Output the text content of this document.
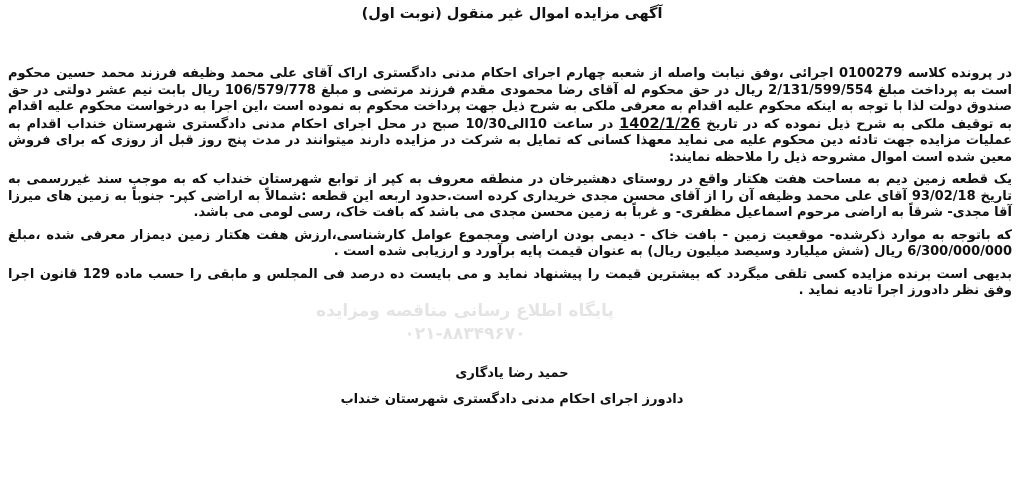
آگهی مزایده اموال غیر منقول (نوبت اول)

در پرونده کلاسه 0100279 اجرائی ،وفق نیابت واصله از شعبه چهارم اجرای احکام مدنی دادگستری اراک آقای علی محمد وظیفه فرزند محمد حسین محکوم است به پرداخت مبلغ 2/131/599/554 ریال در حق محکوم له آقای رضا محمودی مقدم فرزند مرتضی و مبلغ 106/579/778 ریال بابت نیم عشر دولتی در حق صندوق دولت لذا با توجه به اینکه محکوم علیه اقدام به معرفی ملکی به شرح ذیل جهت پرداخت محکوم به نموده است ،این اجرا به درخواست محکوم علیه اقدام به توقیف ملکی به شرح ذیل نموده که در تاریخ 1402/1/26 در ساعت 10الی10/30 صبح در محل اجرای احکام مدنی دادگستری شهرستان خنداب اقدام به عملیات مزایده جهت تادئه دین محکوم علیه می نماید معهذا کسانی که تمایل به شرکت در مزایده دارند میتوانند در مدت پنج روز قبل از روزی که برای فروش معین شده است اموال مشروحه ذیل را ملاحظه نمایند:

یک قطعه زمین دیم به مساحت هفت هکتار واقع در روستای دهشیرخان در منطقه معروف به کپر از توابع شهرستان خنداب که به موجب سند غیررسمی به تاریخ 93/02/18 آقای علی محمد وظیفه آن را از آقای محسن مجدی خریداری کرده است.حدود اربعه این قطعه :شمالاً به اراضی کپر- جنوباً به زمین های میرزا آقا مجدی- شرقاً به اراضی مرحوم اسماعیل مظفری- و غرباً به زمین محسن مجدی می باشد که بافت خاک، رسی لومی می باشد.

که باتوجه به موارد ذکرشده- موقعیت زمین - بافت خاک - دیمی بودن اراضی ومجموع عوامل کارشناسی،ارزش هفت هکتار زمین دیمزار معرفی شده ،مبلغ 6/300/000/000 ریال (شش میلیارد وسیصد میلیون ریال) به عنوان قیمت پایه برآورد و ارزیابی شده است .

بدیهی است برنده مزایده کسی تلقی میگردد که بیشترین قیمت را پیشنهاد نماید و می بایست ده درصد فی المجلس و مابقی را حسب ماده 129 قانون اجرا وفق نظر دادورز اجرا تادیه نماید .

پایگاه اطلاع رسانی مناقصه ومزایده
۰۲۱-۸۸۳۴۹۶۷۰
حمید رضا یادگاری
دادورز اجرای احکام مدنی دادگستری شهرستان خنداب
